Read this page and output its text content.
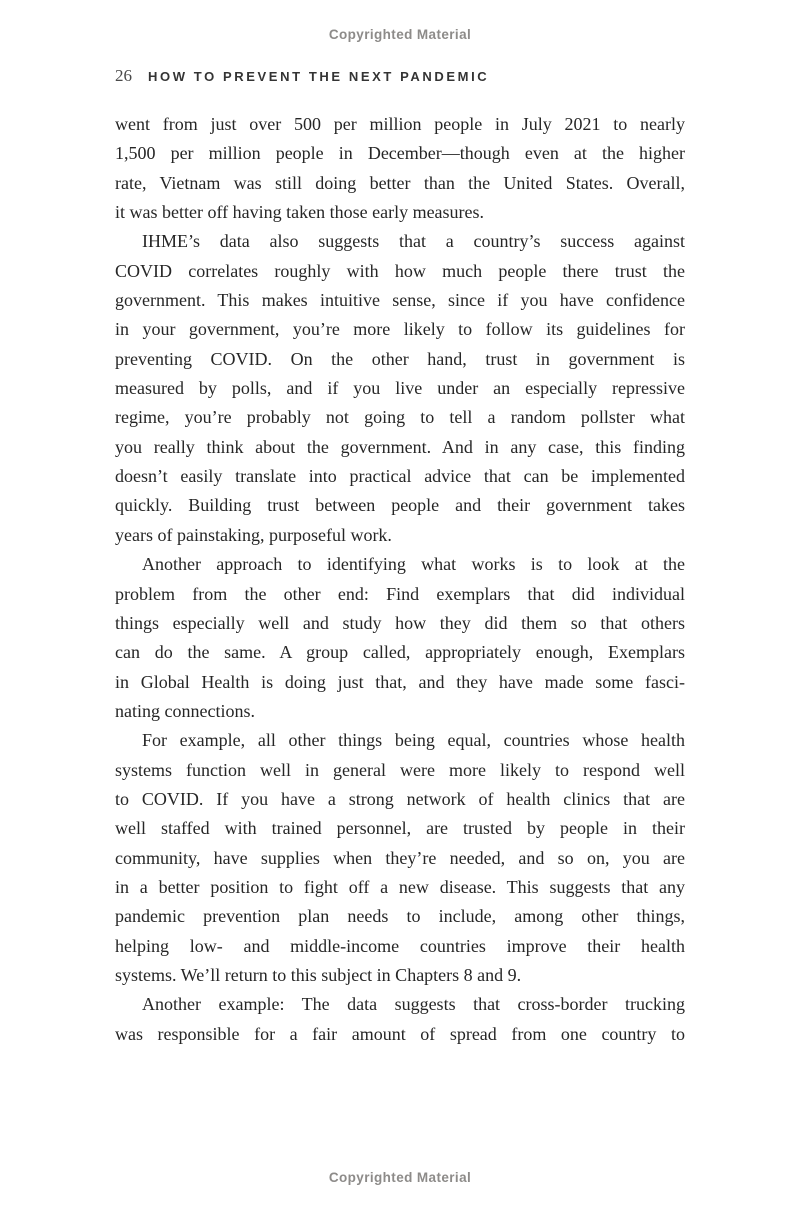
Copyrighted Material
26 HOW TO PREVENT THE NEXT PANDEMIC
went from just over 500 per million people in July 2021 to nearly
1,500 per million people in December—though even at the higher
rate, Vietnam was still doing better than the United States. Overall,
it was better off having taken those early measures.
IHME’s data also suggests that a country’s success against
COVID correlates roughly with how much people there trust the
government. This makes intuitive sense, since if you have confidence
in your government, you’re more likely to follow its guidelines for
preventing COVID. On the other hand, trust in government is
measured by polls, and if you live under an especially repressive
regime, you’re probably not going to tell a random pollster what
you really think about the government. And in any case, this finding
doesn’t easily translate into practical advice that can be implemented
quickly. Building trust between people and their government takes
years of painstaking, purposeful work.
Another approach to identifying what works is to look at the
problem from the other end: Find exemplars that did individual
things especially well and study how they did them so that others
can do the same. A group called, appropriately enough, Exemplars
in Global Health is doing just that, and they have made some fasci-
nating connections.
For example, all other things being equal, countries whose health
systems function well in general were more likely to respond well
to COVID. If you have a strong network of health clinics that are
well staffed with trained personnel, are trusted by people in their
community, have supplies when they’re needed, and so on, you are
in a better position to fight off a new disease. This suggests that any
pandemic prevention plan needs to include, among other things,
helping low- and middle-income countries improve their health
systems. We’ll return to this subject in Chapters 8 and 9.
Another example: The data suggests that cross-border trucking
was responsible for a fair amount of spread from one country to
Copyrighted Material
